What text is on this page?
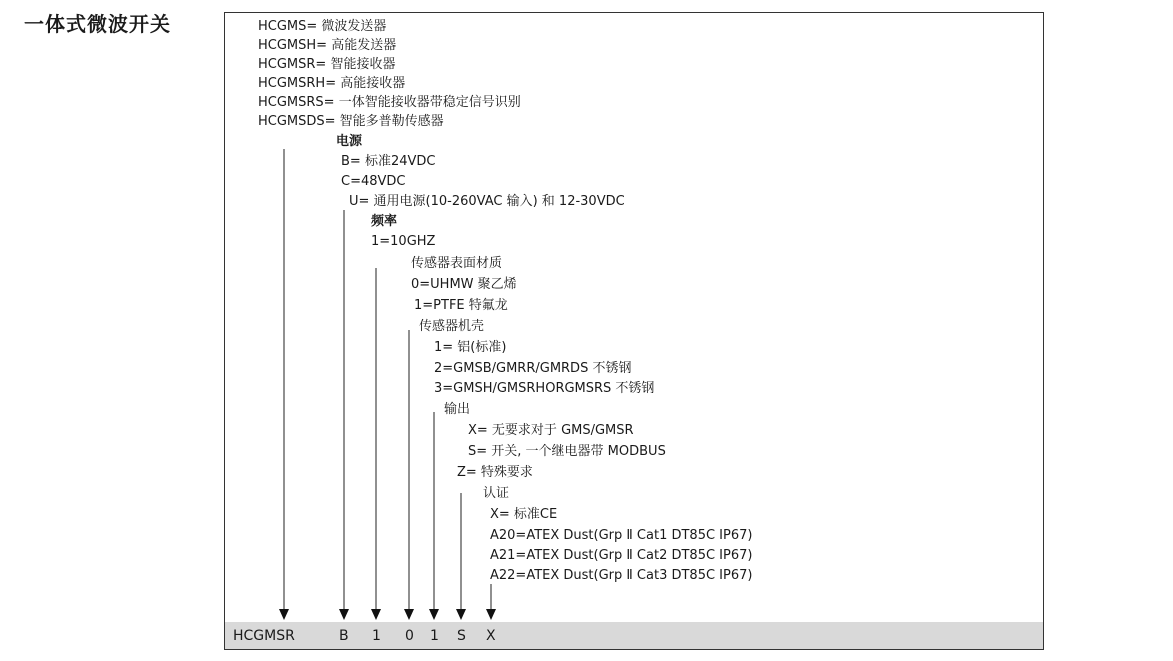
一体式微波开关	HCGMS= 微波发送器
HCGMSH= 高能发送器
HCGMSR= 智能接收器
HCGMSRH= 高能接收器
HCGMSRS= 一体智能接收器带稳定信号识别
HCGMSDS= 智能多普勒传感器
电源
B= 标准24VDC
C=48VDC
U= 通用电源(10-260VAC 输入) 和 12-30VDC
频率
1=10GHZ
传感器表面材质
0=UHMW 聚乙烯
1=PTFE 特氟龙
传感器机壳
1= 铝(标准)
2=GMSB/GMRR/GMRDS 不锈钢
3=GMSH/GMSRHORGMSRS 不锈钢
输出
X= 无要求对于 GMS/GMSR
S= 开关, 一个继电器带 MODBUS
Z= 特殊要求
认证
X= 标准CE
A20=ATEX Dust(Grp Ⅱ Cat1 DT85C IP67)
A21=ATEX Dust(Grp Ⅱ Cat2 DT85C IP67)
A22=ATEX Dust(Grp Ⅱ Cat3 DT85C IP67)
HCGMSR	B 1 0 1 S X
